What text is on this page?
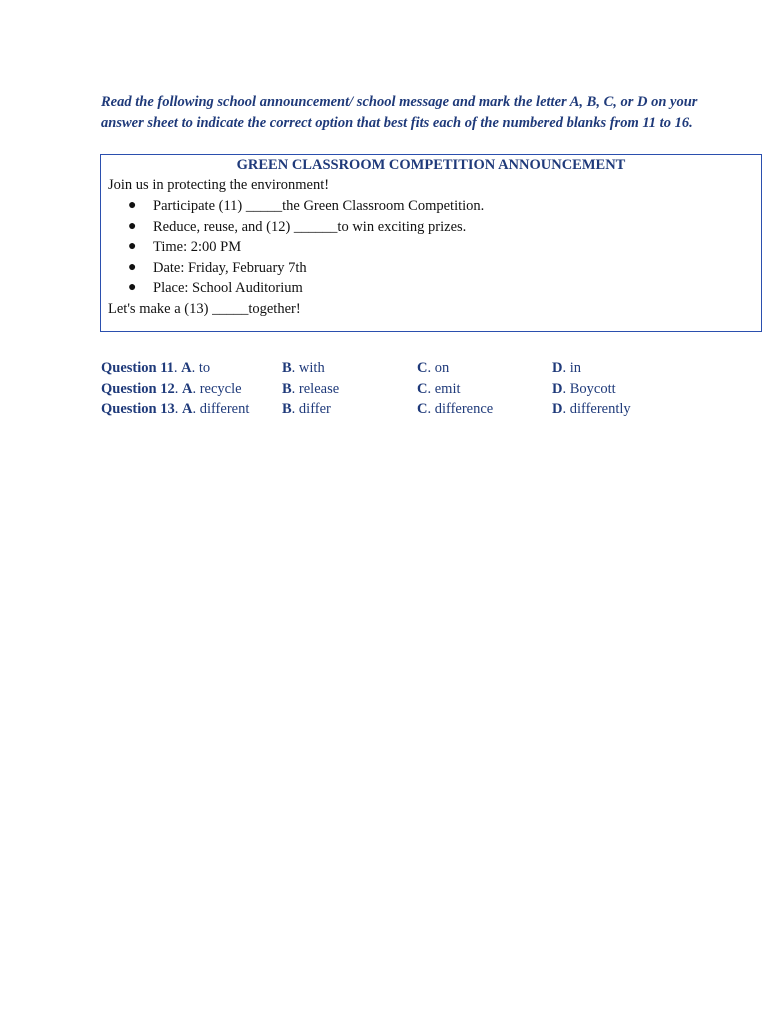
Read the following school announcement/ school message and mark the letter A, B, C, or D on your answer sheet to indicate the correct option that best fits each of the numbered blanks from 11 to 16.
GREEN CLASSROOM COMPETITION ANNOUNCEMENT
Join us in protecting the environment!
● Participate (11) _____the Green Classroom Competition.
● Reduce, reuse, and (12) ______to win exciting prizes.
● Time: 2:00 PM
● Date: Friday, February 7th
● Place: School Auditorium
Let's make a (13) _____together!
Question 11. A. to	B. with	C. on	D. in
Question 12. A. recycle	B. release	C. emit	D. Boycott
Question 13. A. different B. differ	C. difference	D. differently
